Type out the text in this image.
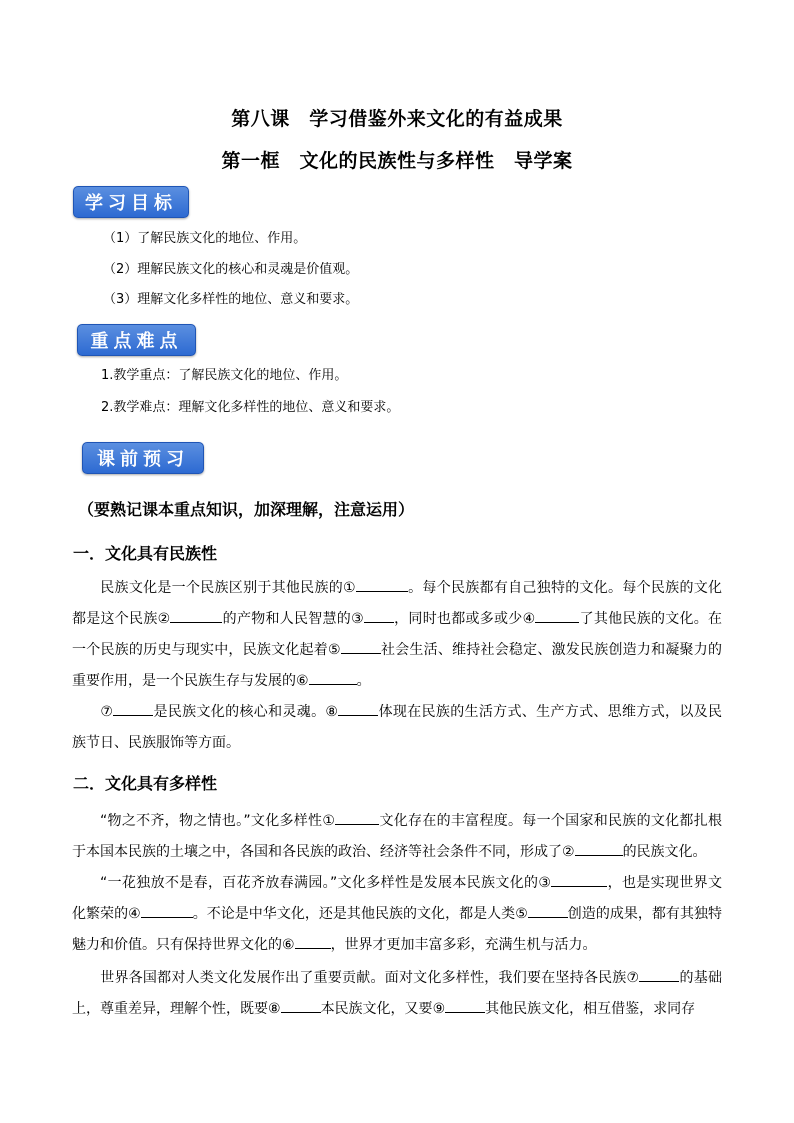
第八课　学习借鉴外来文化的有益成果
第一框　文化的民族性与多样性　导学案
学习目标
（1）了解民族文化的地位、作用。
（2）理解民族文化的核心和灵魂是价值观。
（3）理解文化多样性的地位、意义和要求。
重点难点
1.教学重点：了解民族文化的地位、作用。
2.教学难点：理解文化多样性的地位、意义和要求。
课前预习
（要熟记课本重点知识，加深理解，注意运用）
一．文化具有民族性
民族文化是一个民族区别于其他民族的①	。每个民族都有自己独特的文化。每个民族的文化都是这个民族②	的产物和人民智慧的③ ，同时也都或多或少④	了其他民族的文化。在一个民族的历史与现实中，民族文化起着⑤	社会生活、维持社会稳定、激发民族创造力和凝聚力的重要作用，是一个民族生存与发展的⑥	。
⑦	是民族文化的核心和灵魂。⑧	体现在民族的生活方式、生产方式、思维方式，以及民族节日、民族服饰等方面。
二．文化具有多样性
“物之不齐，物之情也。”文化多样性①	文化存在的丰富程度。每一个国家和民族的文化都扎根于本国本民族的土壤之中，各国和各民族的政治、经济等社会条件不同，形成了②	的民族文化。
“一花独放不是春，百花齐放春满园。”文化多样性是发展本民族文化的③	，也是实现世界文化繁荣的④	。不论是中华文化，还是其他民族的文化，都是人类⑤	创造的成果，都有其独特魅力和价值。只有保持世界文化的⑥	，世界才更加丰富多彩，充满生机与活力。
世界各国都对人类文化发展作出了重要贡献。面对文化多样性，我们要在坚持各民族⑦	的基础上，尊重差异，理解个性，既要⑧	本民族文化，又要⑨	其他民族文化，相互借鉴，求同存
